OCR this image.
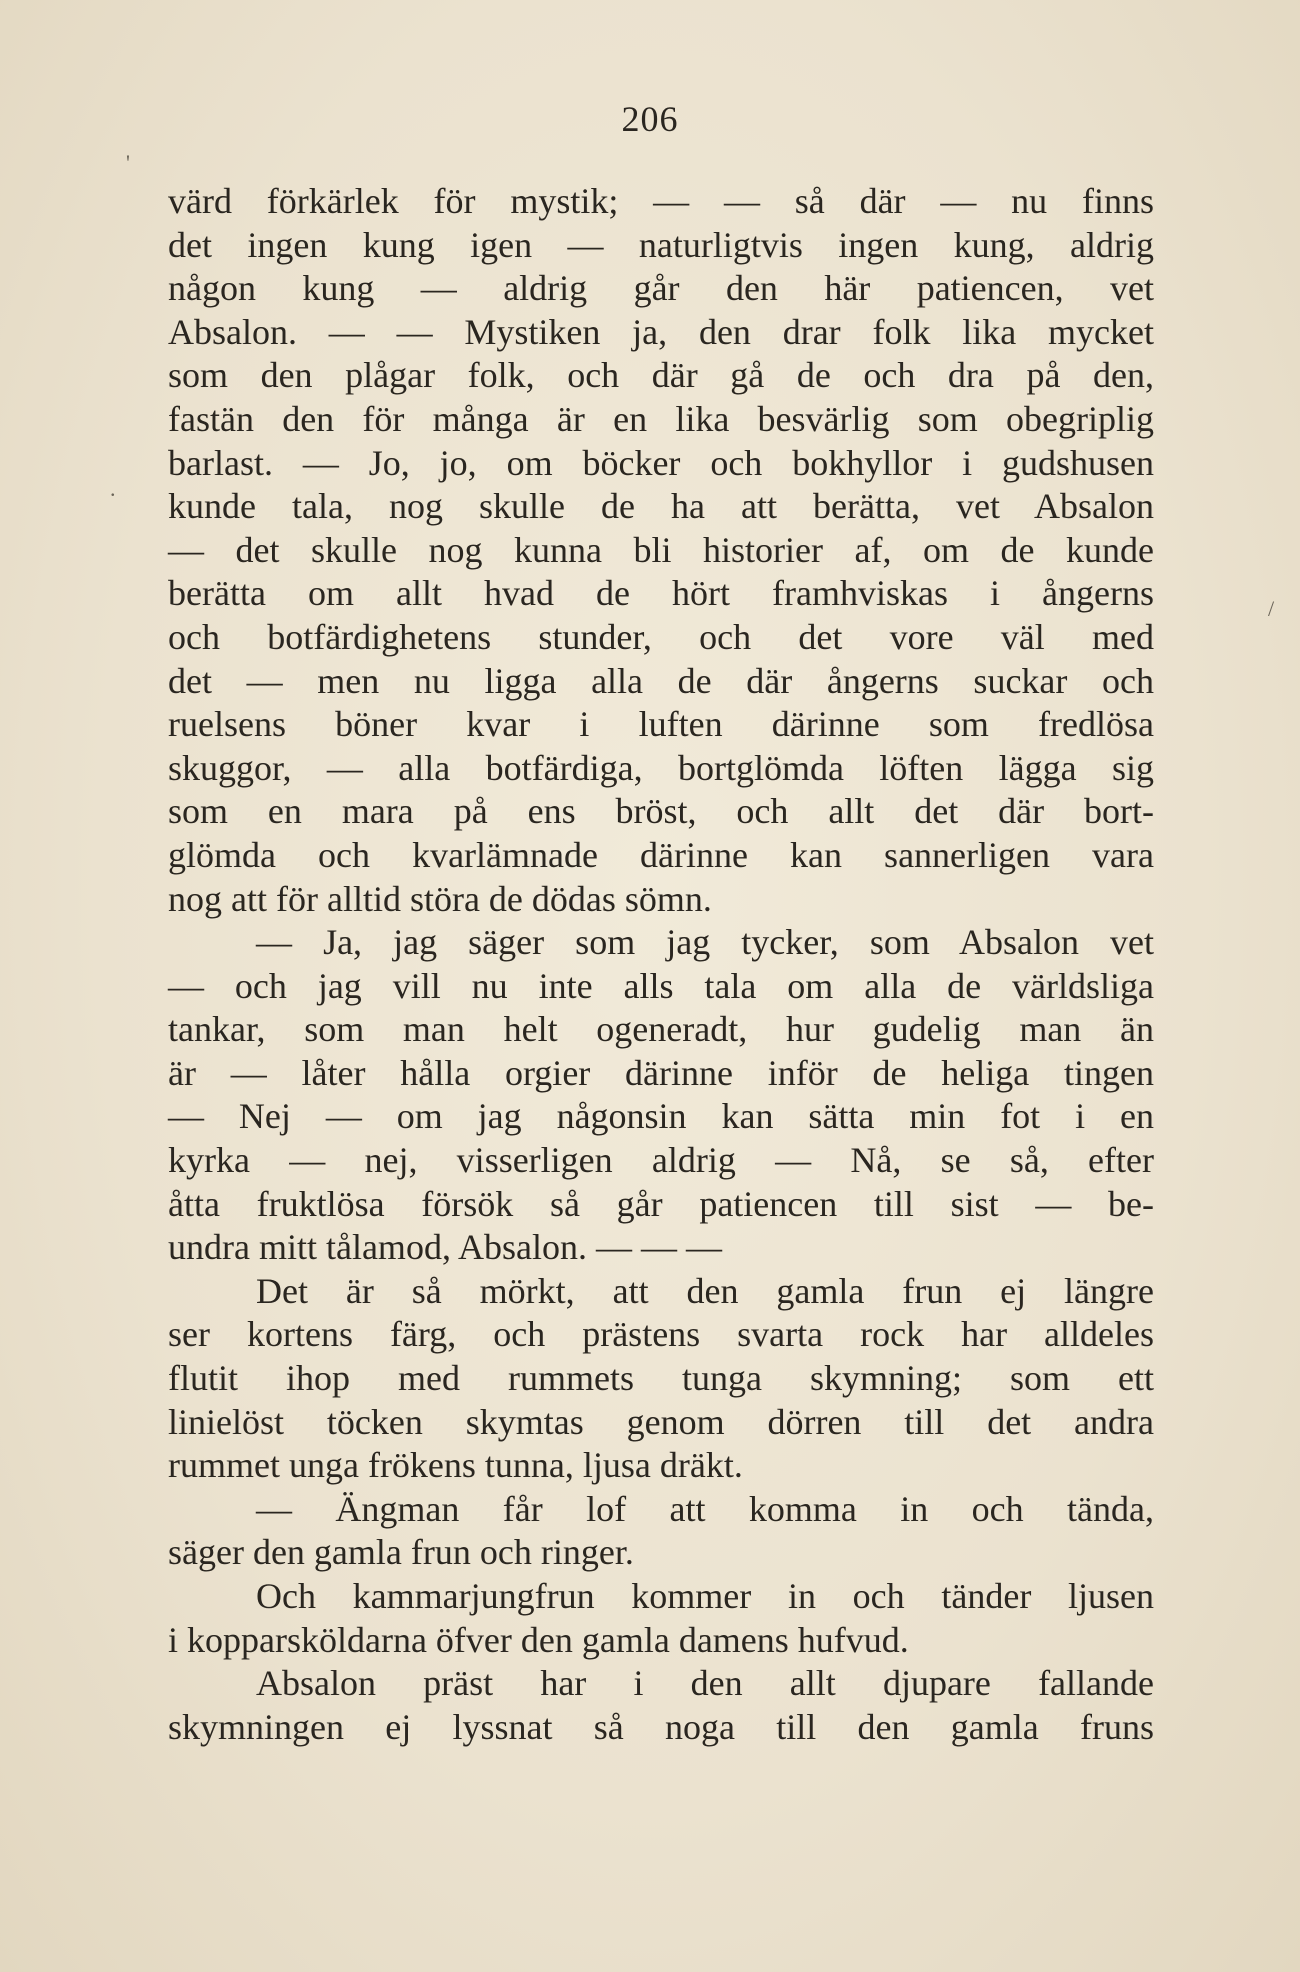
206
'
.
/
värd förkärlek för mystik; — — så där — nu finns
det ingen kung igen — naturligtvis ingen kung, aldrig
någon kung — aldrig går den här patiencen, vet
Absalon. — — Mystiken ja, den drar folk lika mycket
som den plågar folk, och där gå de och dra på den,
fastän den för många är en lika besvärlig som obegriplig
barlast. — Jo, jo, om böcker och bokhyllor i gudshusen
kunde tala, nog skulle de ha att berätta, vet Absalon
— det skulle nog kunna bli historier af, om de kunde
berätta om allt hvad de hört framhviskas i ångerns
och botfärdighetens stunder, och det vore väl med
det — men nu ligga alla de där ångerns suckar och
ruelsens böner kvar i luften därinne som fredlösa
skuggor, — alla botfärdiga, bortglömda löften lägga sig
som en mara på ens bröst, och allt det där bort-
glömda och kvarlämnade därinne kan sannerligen vara
nog att för alltid störa de dödas sömn.
— Ja, jag säger som jag tycker, som Absalon vet
— och jag vill nu inte alls tala om alla de världsliga
tankar, som man helt ogeneradt, hur gudelig man än
är — låter hålla orgier därinne inför de heliga tingen
— Nej — om jag någonsin kan sätta min fot i en
kyrka — nej, visserligen aldrig — Nå, se så, efter
åtta fruktlösa försök så går patiencen till sist — be-
undra mitt tålamod, Absalon. — — —
Det är så mörkt, att den gamla frun ej längre
ser kortens färg, och prästens svarta rock har alldeles
flutit ihop med rummets tunga skymning; som ett
linielöst töcken skymtas genom dörren till det andra
rummet unga frökens tunna, ljusa dräkt.
— Ängman får lof att komma in och tända,
säger den gamla frun och ringer.
Och kammarjungfrun kommer in och tänder ljusen
i kopparsköldarna öfver den gamla damens hufvud.
Absalon präst har i den allt djupare fallande
skymningen ej lyssnat så noga till den gamla fruns
